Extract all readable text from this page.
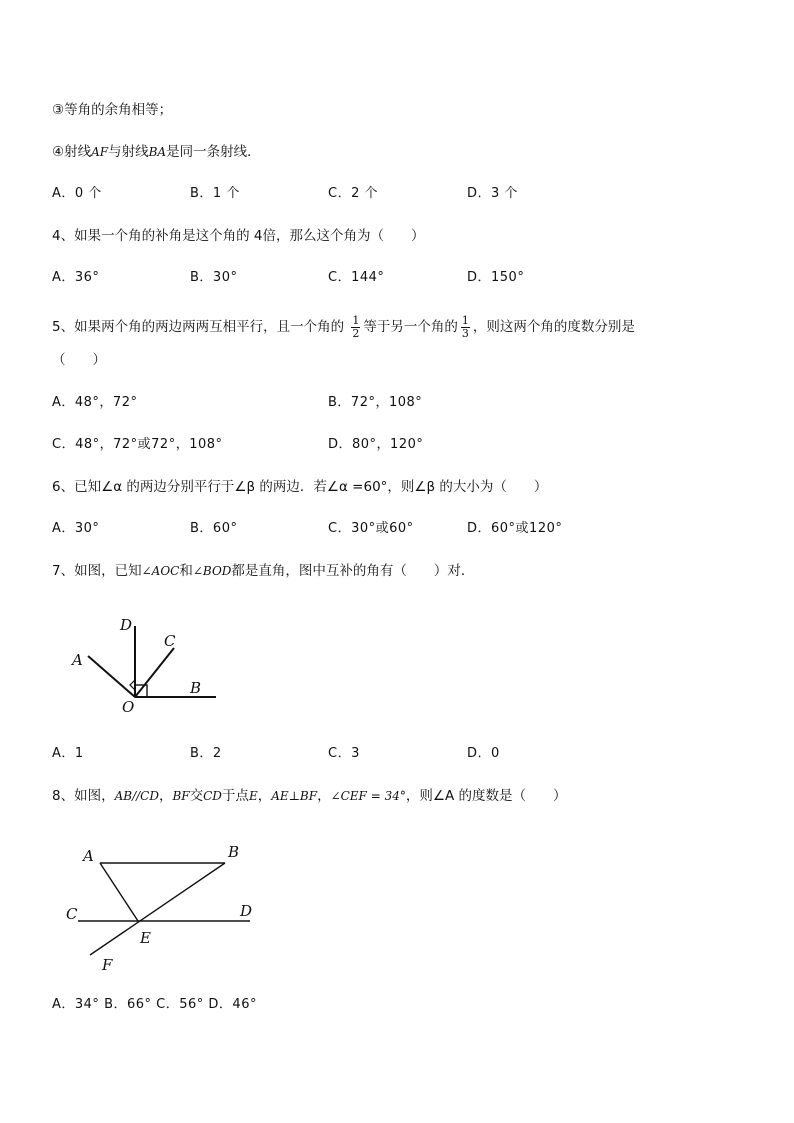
③等角的余角相等；
④射线AF与射线BA是同一条射线．
A．0 个	B．1 个	C．2 个	D．3 个
4、如果一个角的补角是这个角的 4倍，那么这个角为（　　）
A．36°	B．30°	C．144°	D．150°
5、如果两个角的两边两两互相平行，且一个角的 $\frac{1}{2}$ 等于另一个角的 $\frac{1}{3}$ ，则这两个角的度数分别是
（　　）
A．48°，72°	B．72°，108°
C．48°，72°或72°，108°	D．80°，120°
6、已知∠α 的两边分别平行于∠β 的两边．若∠α =60°，则∠β 的大小为（　　）
A．30°	B．60°	C．30°或60°	D．60°或120°
7、如图，已知∠AOC和∠BOD都是直角，图中互补的角有（　　）对．
D
C
A
B
O
A．1	B．2	C．3	D．0
8、如图，AB//CD，BF交CD于点E，AE⊥BF，∠CEF = 34°，则∠A 的度数是（　　）
A	B
C	D
E
F
A．34° B．66° C．56° D．46°
